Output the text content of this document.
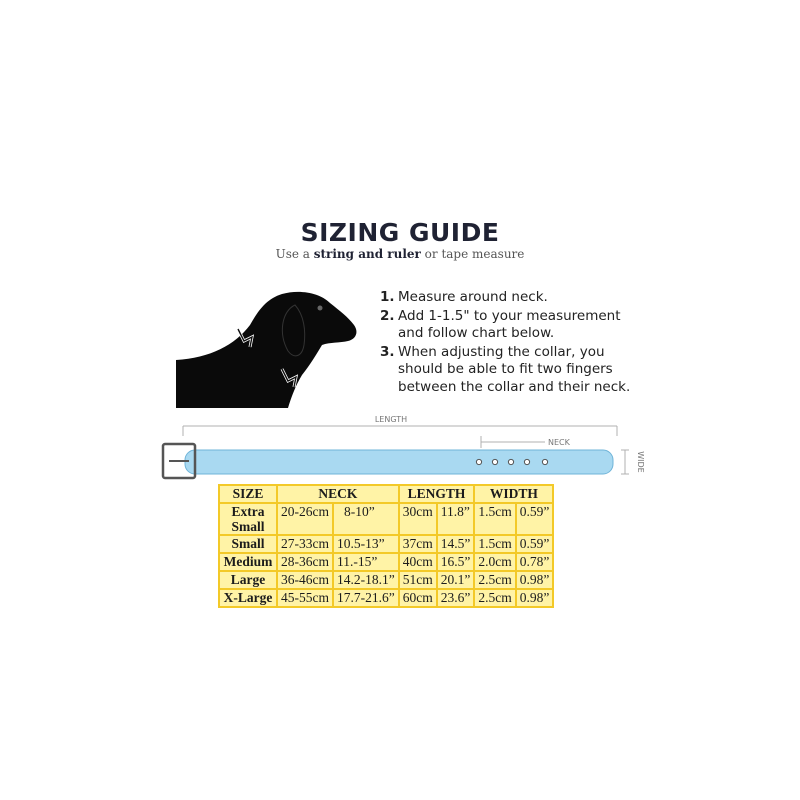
SIZING GUIDE
Use a string and ruler or tape measure
1. Measure around neck.
2. Add 1-1.5" to your measurement and follow chart below.
3. When adjusting the collar, you should be able to fit two fingers between the collar and their neck.
LENGTH
NECK
WIDE
SIZE	NECK		LENGTH		WIDTH	
Extra Small	20-26cm	8-10”	30cm	11.8”	1.5cm	0.59”
Small	27-33cm	10.5-13”	37cm	14.5”	1.5cm	0.59”
Medium	28-36cm	11.-15”	40cm	16.5”	2.0cm	0.78”
Large	36-46cm	14.2-18.1”	51cm	20.1”	2.5cm	0.98”
X-Large	45-55cm	17.7-21.6”	60cm	23.6”	2.5cm	0.98”
